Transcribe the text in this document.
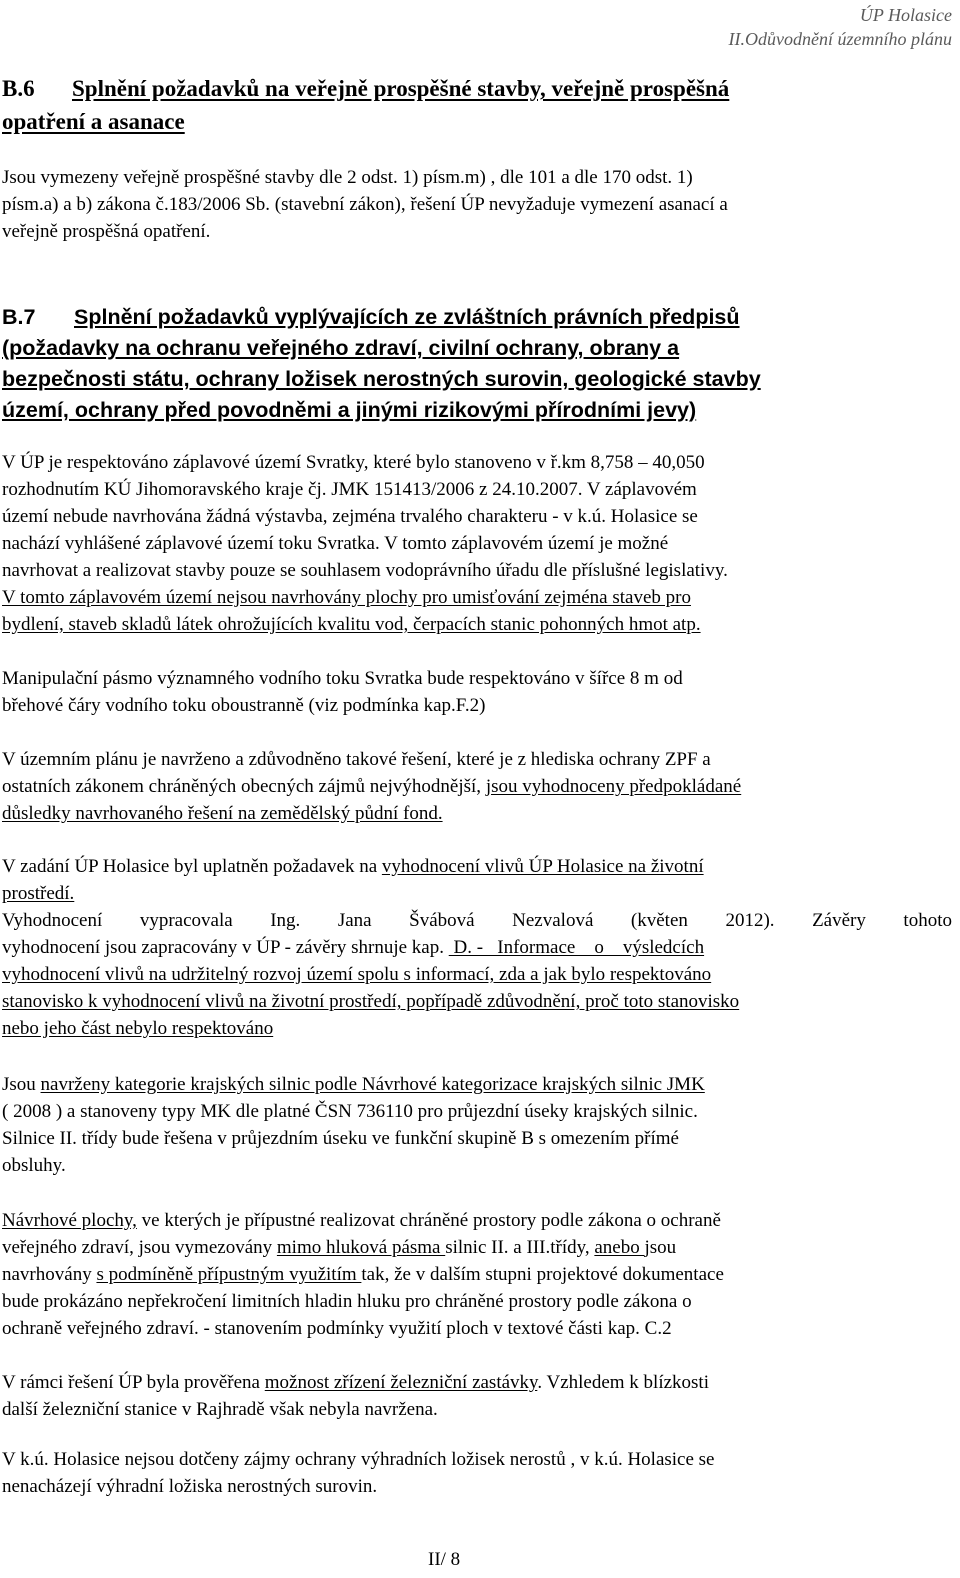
ÚP Holasice
II.Odůvodnění územního plánu
B.6 Splnění požadavků na veřejně prospěšné stavby, veřejně prospěšná
opatření a asanace
Jsou vymezeny veřejně prospěšné stavby dle 2 odst. 1) písm.m) , dle 101 a dle 170 odst. 1)
písm.a) a b) zákona č.183/2006 Sb. (stavební zákon), řešení ÚP nevyžaduje vymezení asanací a
veřejně prospěšná opatření.
B.7 Splnění požadavků vyplývajících ze zvláštních právních předpisů
(požadavky na ochranu veřejného zdraví, civilní ochrany, obrany a
bezpečnosti státu, ochrany ložisek nerostných surovin, geologické stavby
území, ochrany před povodněmi a jinými rizikovými přírodními jevy)
V ÚP je respektováno záplavové území Svratky, které bylo stanoveno v ř.km 8,758 – 40,050
rozhodnutím KÚ Jihomoravského kraje čj. JMK 151413/2006 z 24.10.2007. V záplavovém
území nebude navrhována žádná výstavba, zejména trvalého charakteru - v k.ú. Holasice se
nachází vyhlášené záplavové území toku Svratka. V tomto záplavovém území je možné
navrhovat a realizovat stavby pouze se souhlasem vodoprávního úřadu dle příslušné legislativy.
V tomto záplavovém území nejsou navrhovány plochy pro umisťování zejména staveb pro
bydlení, staveb skladů látek ohrožujících kvalitu vod, čerpacích stanic pohonných hmot atp.
Manipulační pásmo významného vodního toku Svratka bude respektováno v šířce 8 m od
břehové čáry vodního toku oboustranně (viz podmínka kap.F.2)
V územním plánu je navrženo a zdůvodněno takové řešení, které je z hlediska ochrany ZPF a
ostatních zákonem chráněných obecných zájmů nejvýhodnější, jsou vyhodnoceny předpokládané
důsledky navrhovaného řešení na zemědělský půdní fond.
V zadání ÚP Holasice byl uplatněn požadavek na vyhodnocení vlivů ÚP Holasice na životní
prostředí.
Vyhodnocení vypracovala Ing. Jana Švábová Nezvalová (květen 2012). Závěry tohoto
vyhodnocení jsou zapracovány v ÚP - závěry shrnuje kap.  D. -   Informace    o    výsledcích
vyhodnocení vlivů na udržitelný rozvoj území spolu s informací, zda a jak bylo respektováno
stanovisko k vyhodnocení vlivů na životní prostředí, popřípadě zdůvodnění, proč toto stanovisko
nebo jeho část nebylo respektováno
Jsou navrženy kategorie krajských silnic podle Návrhové kategorizace krajských silnic JMK
( 2008 ) a stanoveny typy MK dle platné ČSN 736110 pro průjezdní úseky krajských silnic.
Silnice II. třídy bude řešena v průjezdním úseku ve funkční skupině B s omezením přímé
obsluhy.
Návrhové plochy, ve kterých je přípustné realizovat chráněné prostory podle zákona o ochraně
veřejného zdraví, jsou vymezovány mimo hluková pásma silnic II. a III.třídy, anebo jsou
navrhovány s podmíněně přípustným využitím tak, že v dalším stupni projektové dokumentace
bude prokázáno nepřekročení limitních hladin hluku pro chráněné prostory podle zákona o
ochraně veřejného zdraví. - stanovením podmínky využití ploch v textové části kap. C.2
V rámci řešení ÚP byla prověřena možnost zřízení železniční zastávky. Vzhledem k blízkosti
další železniční stanice v Rajhradě však nebyla navržena.
V k.ú. Holasice nejsou dotčeny zájmy ochrany výhradních ložisek nerostů , v k.ú. Holasice se
nenacházejí výhradní ložiska nerostných surovin.
II/ 8
